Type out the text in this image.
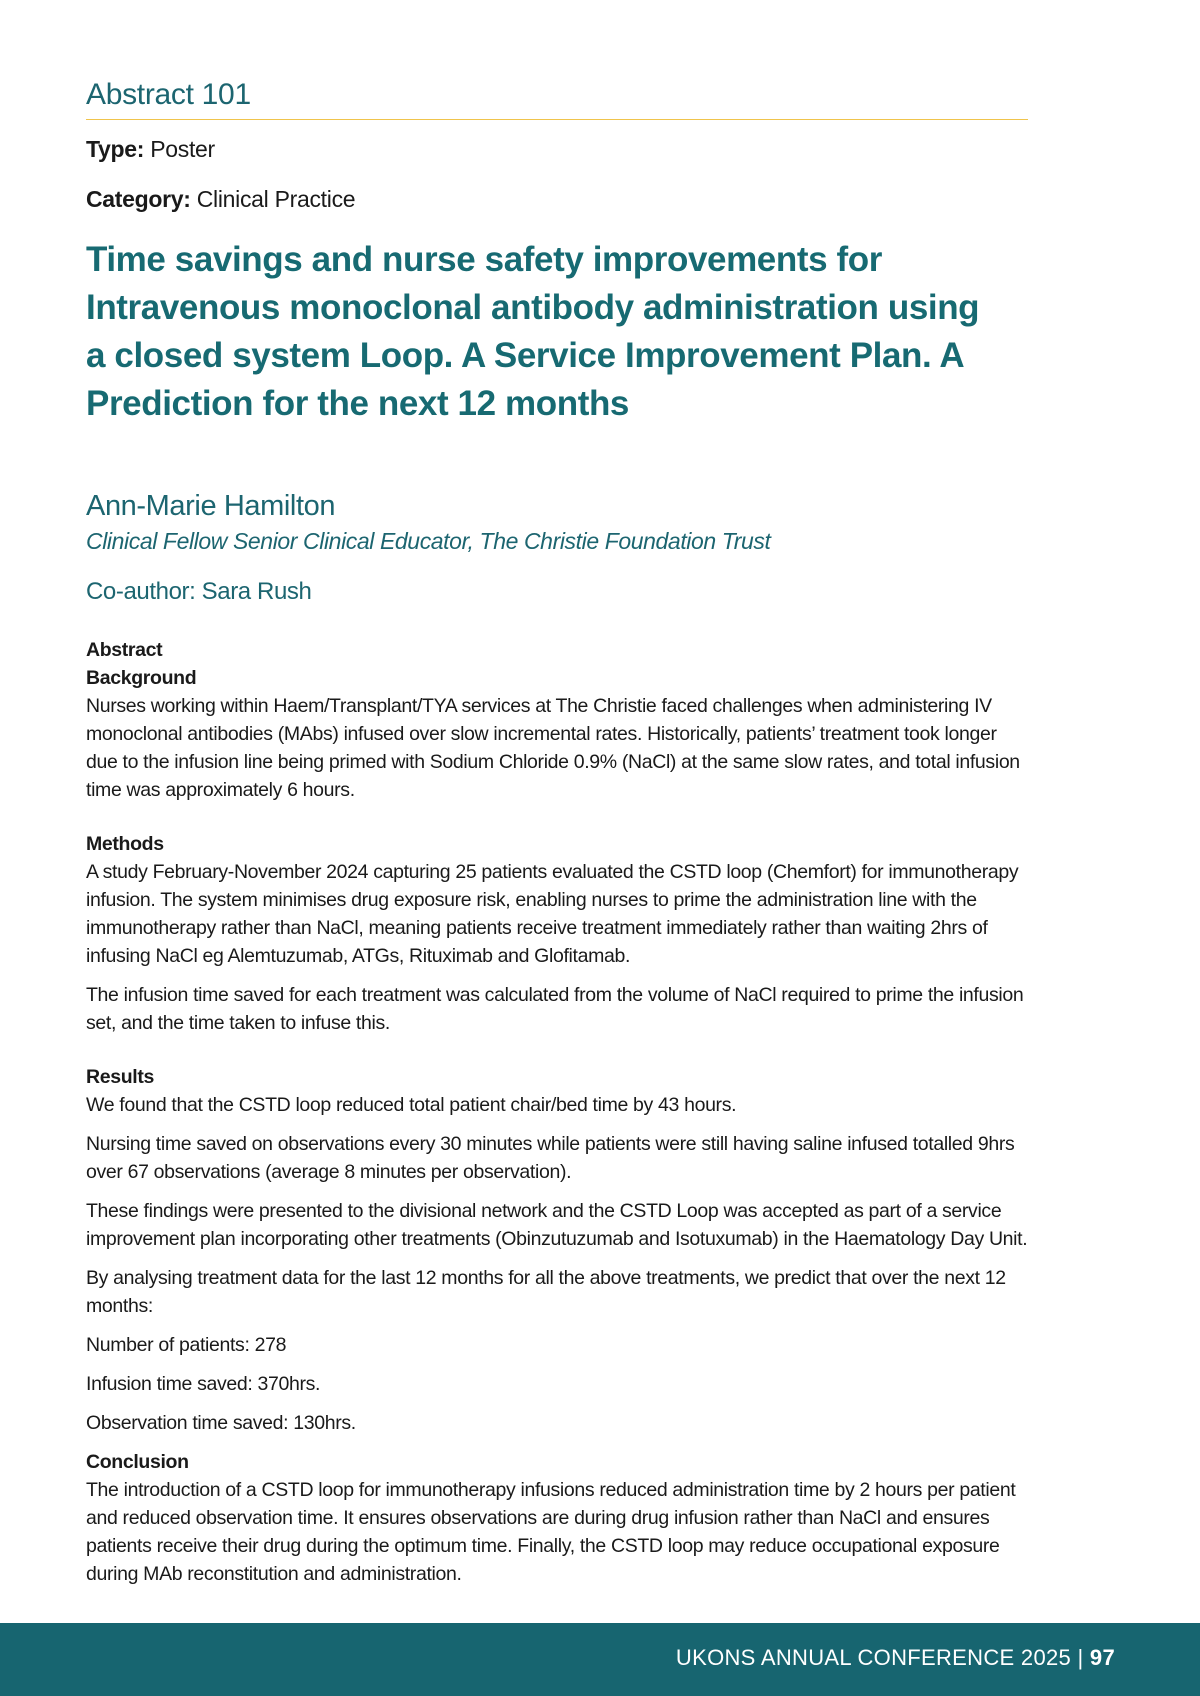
Abstract 101
Type: Poster
Category: Clinical Practice
Time savings and nurse safety improvements for Intravenous monoclonal antibody administration using a closed system Loop. A Service Improvement Plan. A Prediction for the next 12 months
Ann-Marie Hamilton
Clinical Fellow Senior Clinical Educator, The Christie Foundation Trust
Co-author: Sara Rush
Abstract
Background

Nurses working within Haem/Transplant/TYA services at The Christie faced challenges when administering IV monoclonal antibodies (MAbs) infused over slow incremental rates. Historically, patients’ treatment took longer due to the infusion line being primed with Sodium Chloride 0.9% (NaCl) at the same slow rates, and total infusion time was approximately 6 hours.

Methods

A study February-November 2024 capturing 25 patients evaluated the CSTD loop (Chemfort) for immunotherapy infusion. The system minimises drug exposure risk, enabling nurses to prime the administration line with the immunotherapy rather than NaCl, meaning patients receive treatment immediately rather than waiting 2hrs of infusing NaCl eg Alemtuzumab, ATGs, Rituximab and Glofitamab.

The infusion time saved for each treatment was calculated from the volume of NaCl required to prime the infusion set, and the time taken to infuse this.

Results

We found that the CSTD loop reduced total patient chair/bed time by 43 hours.

Nursing time saved on observations every 30 minutes while patients were still having saline infused totalled 9hrs over 67 observations (average 8 minutes per observation).

These findings were presented to the divisional network and the CSTD Loop was accepted as part of a service improvement plan incorporating other treatments (Obinzutuzumab and Isotuxumab) in the Haematology Day Unit.

By analysing treatment data for the last 12 months for all the above treatments, we predict that over the next 12 months:

Number of patients: 278

Infusion time saved: 370hrs.

Observation time saved: 130hrs.

Conclusion

The introduction of a CSTD loop for immunotherapy infusions reduced administration time by 2 hours per patient and reduced observation time. It ensures observations are during drug infusion rather than NaCl and ensures patients receive their drug during the optimum time. Finally, the CSTD loop may reduce occupational exposure during MAb reconstitution and administration.

UKONS ANNUAL CONFERENCE 2025 | 97
